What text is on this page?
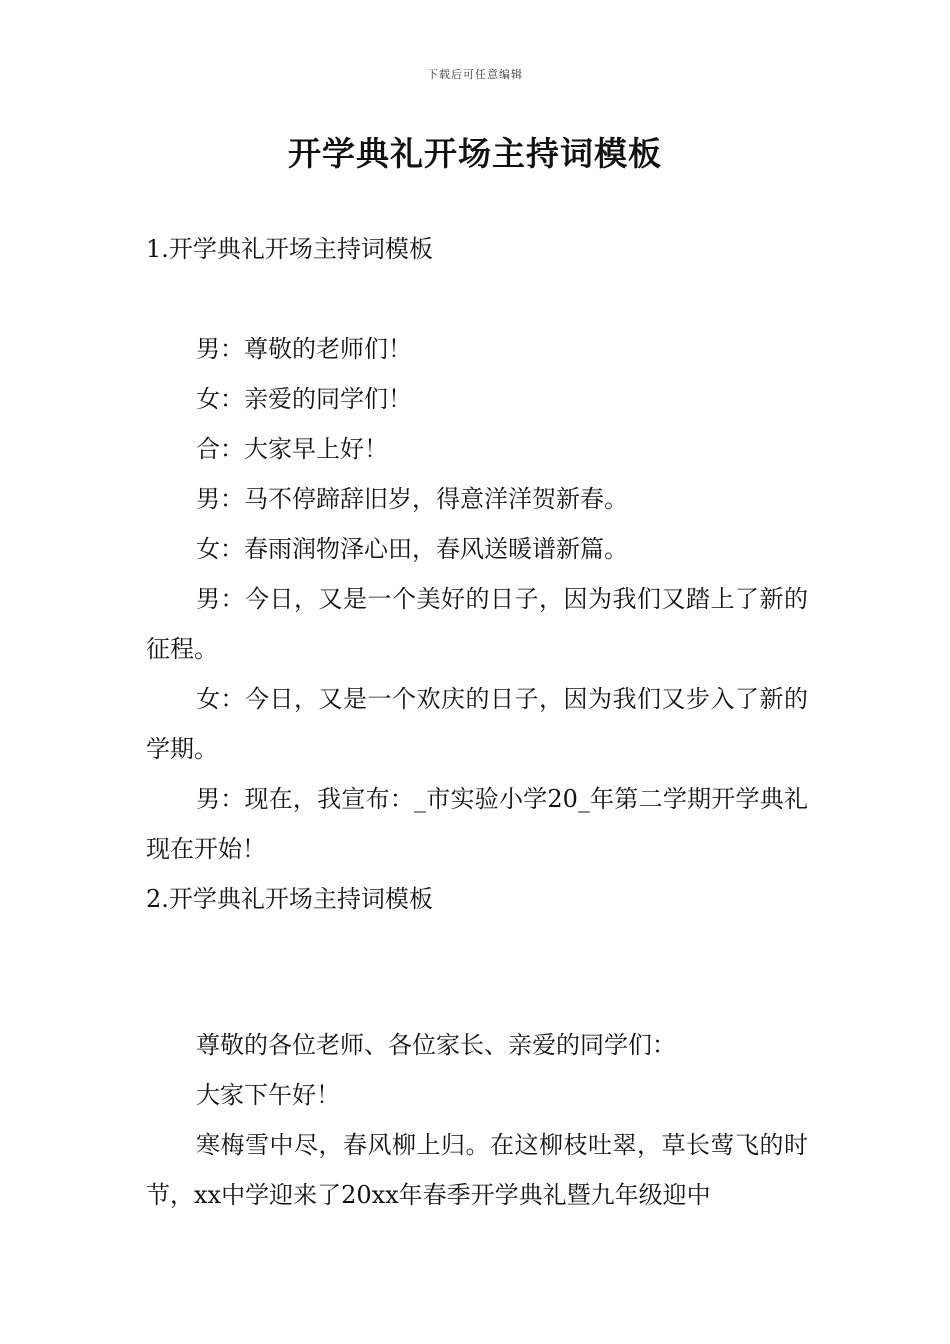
下载后可任意编辑
开学典礼开场主持词模板

1.开学典礼开场主持词模板

男：尊敬的老师们！

女：亲爱的同学们！

合：大家早上好！

男：马不停蹄辞旧岁，得意洋洋贺新春。

女：春雨润物泽心田，春风送暖谱新篇。

男：今日，又是一个美好的日子，因为我们又踏上了新的征程。

女：今日，又是一个欢庆的日子，因为我们又步入了新的学期。

男：现在，我宣布：_市实验小学20_年第二学期开学典礼现在开始！

2.开学典礼开场主持词模板

尊敬的各位老师、各位家长、亲爱的同学们：

大家下午好！

寒梅雪中尽，春风柳上归。在这柳枝吐翠，草长莺飞的时节，xx中学迎来了20xx年春季开学典礼暨九年级迎中
